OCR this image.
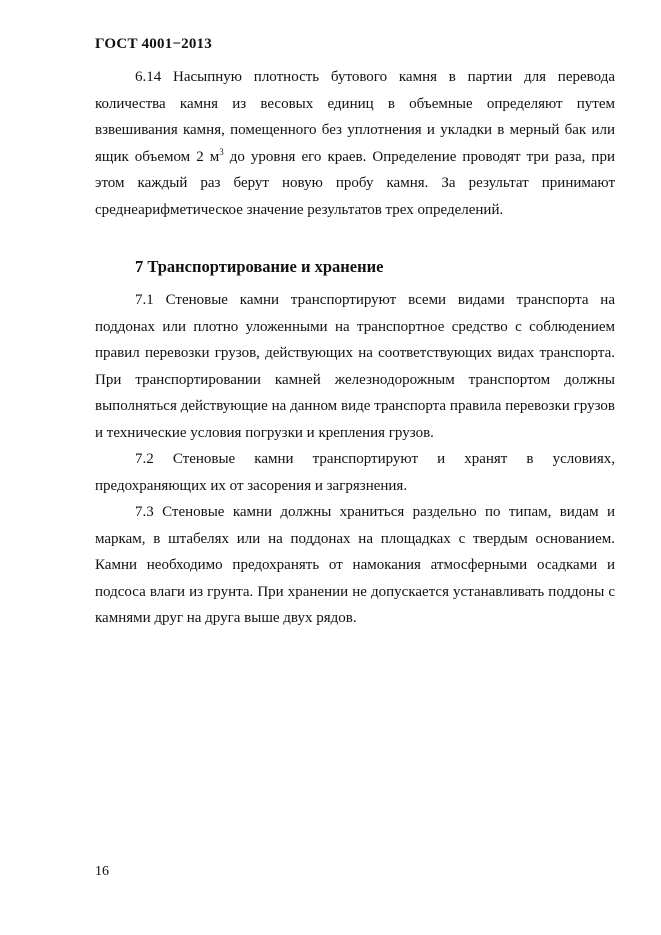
ГОСТ 4001−2013

6.14 Насыпную плотность бутового камня в партии для перевода количества камня из весовых единиц в объемные определяют путем взвешивания камня, помещенного без уплотнения и укладки в мерный бак или ящик объемом 2 $м^3$ до уровня его краев. Определение проводят три раза, при этом каждый раз берут новую пробу камня. За результат принимают среднеарифметическое значение результатов трех определений.

7 Транспортирование и хранение

7.1 Стеновые камни транспортируют всеми видами транспорта на поддонах или плотно уложенными на транспортное средство с соблюдением правил перевозки грузов, действующих на соответствующих видах транспорта. При транспортировании камней железнодорожным транспортом должны выполняться действующие на данном виде транспорта правила перевозки грузов и технические условия погрузки и крепления грузов.

7.2 Стеновые камни транспортируют и хранят в условиях, предохраняющих их от засорения и загрязнения.

7.3 Стеновые камни должны храниться раздельно по типам, видам и маркам, в штабелях или на поддонах на площадках с твердым основанием. Камни необходимо предохранять от намокания атмосферными осадками и подсоса влаги из грунта. При хранении не допускается устанавливать поддоны с камнями друг на друга выше двух рядов.

16
